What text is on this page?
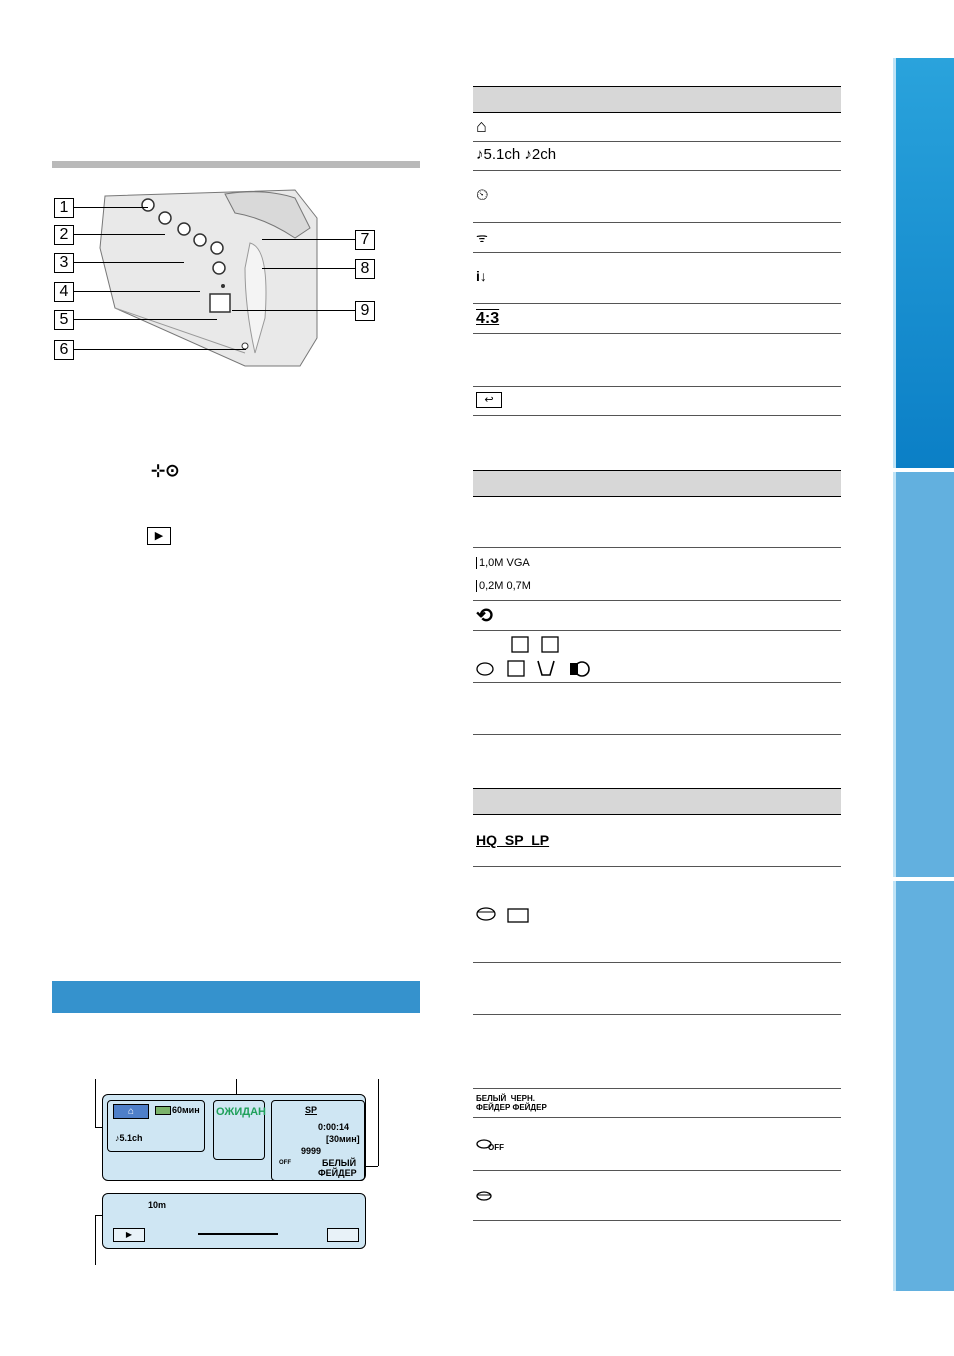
1
2
3
4
5
6
7
8
9
⊹⊙
▶
⌂	60мин
♪5.1ch
ОЖИДАН	SP
0:00:14
[30мин]
9999
OFF	БЕЛЫЙ
ФЕЙДЕР
10m
▶
⌂
♪5.1ch ♪2ch
⏲
ᯤ
i↓
4:3
↩
1,0M VGA
0,2M 0,7M
⟲
HQ SP LP
БЕЛЫЙ  ЧЕРН.
ФЕЙДЕР ФЕЙДЕР
OFF
